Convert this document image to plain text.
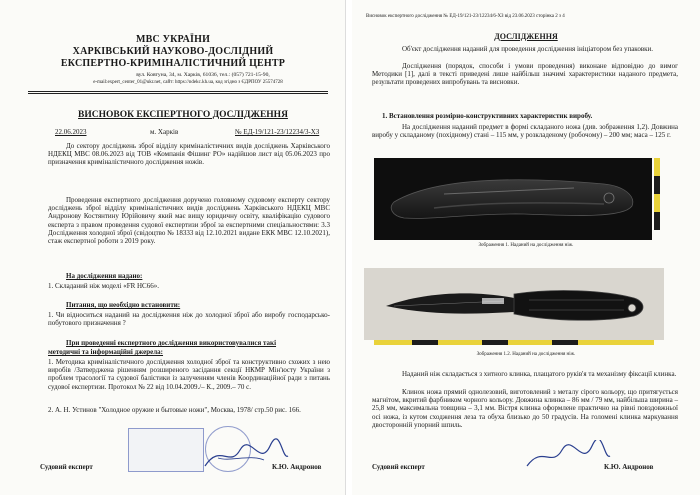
МВС УКРАЇНИ
ХАРКІВСЬКИЙ НАУКОВО-ДОСЛІДНИЙ
ЕКСПЕРТНО-КРИМІНАЛІСТИЧНИЙ ЦЕНТР
вул. Ковтуна, 34, м. Харків, 61036, тел.: (057) 721-15-90,
e-mail:expert_center_01@ukr.net, сайт: https://ndekc.kh.ua, код згідно з ЄДРПОУ 25574728
ВИСНОВОК ЕКСПЕРТНОГО ДОСЛІДЖЕННЯ
22.06.2023	м. Харків	№ ЕД-19/121-23/12234/3-ХЗ
До сектору досліджень зброї відділу криміналістичних видів досліджень Харківського НДЕКЦ МВС 08.06.2023 від ТОВ «Компанія Фішинг РО» надійшов лист від 05.06.2023 про призначення криміналістичного дослідження ножів.
Проведення експертного дослідження доручено головному судовому експерту сектору досліджень зброї відділу криміналістичних видів досліджень Харківського НДЕКЦ МВС Андронову Костянтину Юрійовичу який має вищу юридичну освіту, кваліфікацію судового експерта з правом проведення судової експертизи зброї за експертними спеціальностями: 3.3 Дослідження холодної зброї (свідоцтво № 18333 від 12.10.2021 видане ЕКК МВС 12.10.2021), стаж експертної роботи з 2019 року.
На дослідження надано:
1. Складаний ніж моделі «FR HC66».
Питання, що необхідно встановити:
1. Чи відноситься наданий на дослідження ніж до холодної зброї або виробу господарсько-побутового призначення ?
При проведенні експертного дослідження використовувалися такі
методичні та інформаційні джерела:
1. Методика криміналістичного дослідження холодної зброї та конструктивно схожих з нею виробів /Затверджена рішенням розширеного засідання секції НКМР Мін'юсту України з проблем трасології та судової балістики із залученням членів Координаційної ради з питань судової експертизи. Протокол № 22 від 10.04.2009./– К., 2009.– 70 с.
2. А. Н. Устинов "Холодное оружие и бытовые ножи", Москва, 1978/ стр.50 рис. 166.
Судовий експерт	К.Ю. Андронов
Висновок експертного дослідження № ЕД-19/121-23/12234/6-ХЗ від 23.06.2023 сторінка 2 з 4
ДОСЛІДЖЕННЯ
Об'єкт дослідження наданий для проведення дослідження ініціатором без упаковки.
Дослідження (порядок, способи і умови проведення) виконане відповідно до вимог Методики [1], далі в тексті приведені лише найбільш значимі характеристики наданого предмета, результати проведених випробувань та висновки.
1. Встановлення розмірно-конструктивних характеристик виробу.
На дослідження наданий предмет в формі складаного ножа (див. зображення 1,2). Довжина виробу у складаному (похідному) стані – 115 мм, у розкладеному (робочому) – 200 мм; маса – 125 г.
Зображення 1. Наданий на дослідження ніж.
Зображення 1.2. Наданий на дослідження ніж.
Наданий ніж складається з хитного клинка, плащатого руків'я та механізму фіксації клинка.
Клинок ножа прямий однолезовий, виготовлений з металу сірого кольору, що притягується магнітом, вкритий фарбником чорного кольору. Довжина клинка – 86 мм / 79 мм, найбільша ширина – 25,8 мм, максимальна товщина – 3,1 мм. Вістря клинка оформлене практично на рівні повздовжньої осі ножа, із кутом сходження леза та обуха близько до 50 градусів. На голомені клинка маркування двосторонній упорний шпиль.
Судовий експерт	К.Ю. Андронов
